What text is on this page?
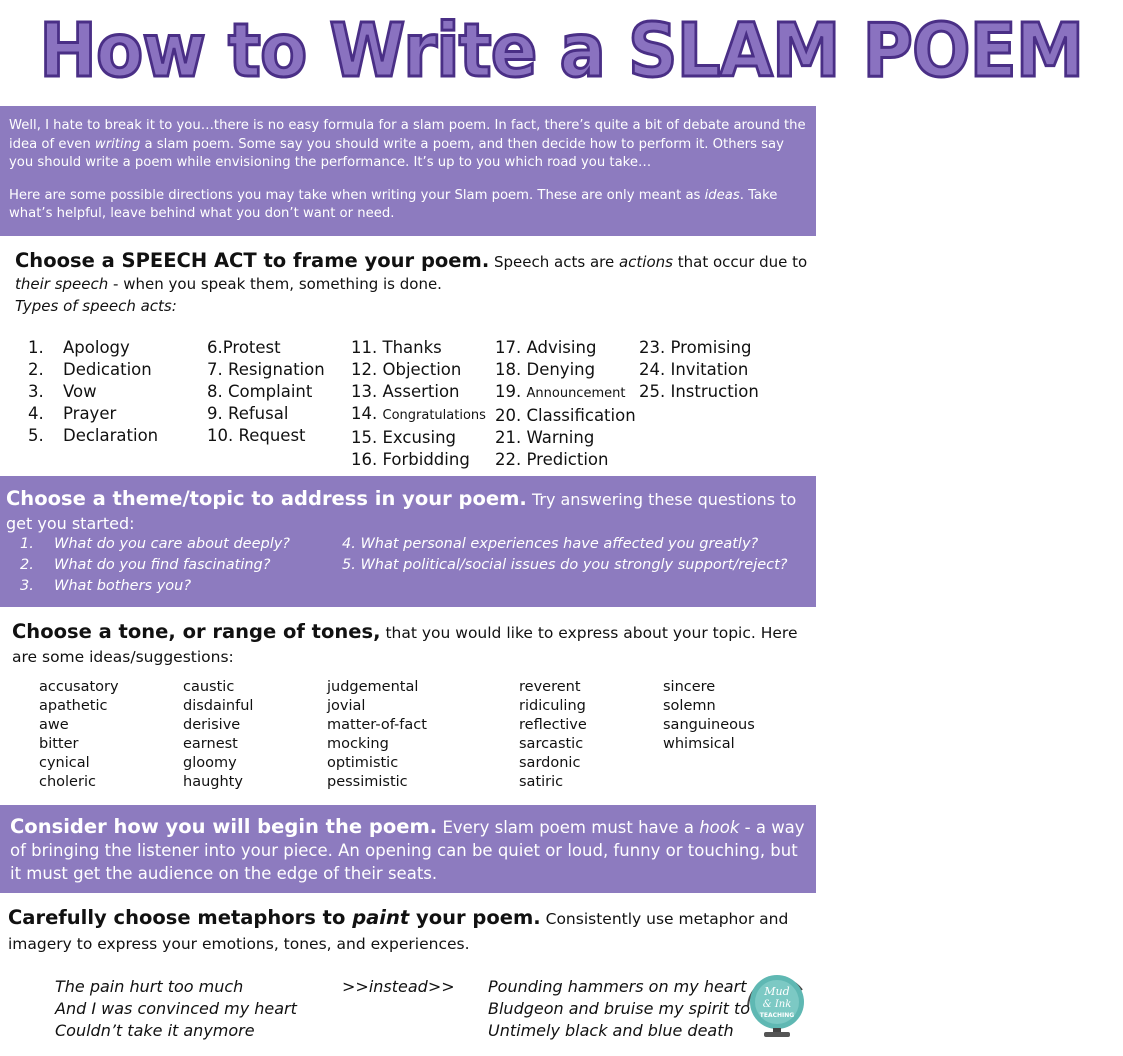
How to Write a SLAM POEM

Well, I hate to break it to you…there is no easy formula for a slam poem. In fact, there’s quite a bit of debate around the idea of even writing a slam poem. Some say you should write a poem, and then decide how to perform it. Others say you should write a poem while envisioning the performance. It’s up to you which road you take…

Here are some possible directions you may take when writing your Slam poem. These are only meant as ideas. Take what’s helpful, leave behind what you don’t want or need.

Choose a SPEECH ACT to frame your poem. Speech acts are actions that occur due to
their speech - when you speak them, something is done.
Types of speech acts:
1. Apology
2. Dedication
3. Vow
4. Prayer
5. Declaration
6.Protest
7. Resignation
8. Complaint
9. Refusal
10. Request
11. Thanks
12. Objection
13. Assertion
14. Congratulations
15. Excusing
16. Forbidding
17. Advising
18. Denying
19. Announcement
20. Classification
21. Warning
22. Prediction
23. Promising
24. Invitation
25. Instruction
Choose a theme/topic to address in your poem. Try answering these questions to get you started:
1. What do you care about deeply?
2. What do you find fascinating?
3. What bothers you?
4. What personal experiences have affected you greatly?
5. What political/social issues do you strongly support/reject?
Choose a tone, or range of tones, that you would like to express about your topic. Here are some ideas/suggestions:
accusatory
apathetic
awe
bitter
cynical
choleric
caustic
disdainful
derisive
earnest
gloomy
haughty
judgemental
jovial
matter-of-fact
mocking
optimistic
pessimistic
reverent
ridiculing
reflective
sarcastic
sardonic
satiric
sincere
solemn
sanguineous
whimsical
Consider how you will begin the poem. Every slam poem must have a hook - a way of bringing the listener into your piece. An opening can be quiet or loud, funny or touching, but it must get the audience on the edge of their seats.
Carefully choose metaphors to paint your poem. Consistently use metaphor and imagery to express your emotions, tones, and experiences.
The pain hurt too much
And I was convinced my heart
Couldn’t take it anymore
>>instead>> Pounding hammers on my heart
Bludgeon and bruise my spirit to
Untimely black and blue death
Mud
& Ink
TEACHING
